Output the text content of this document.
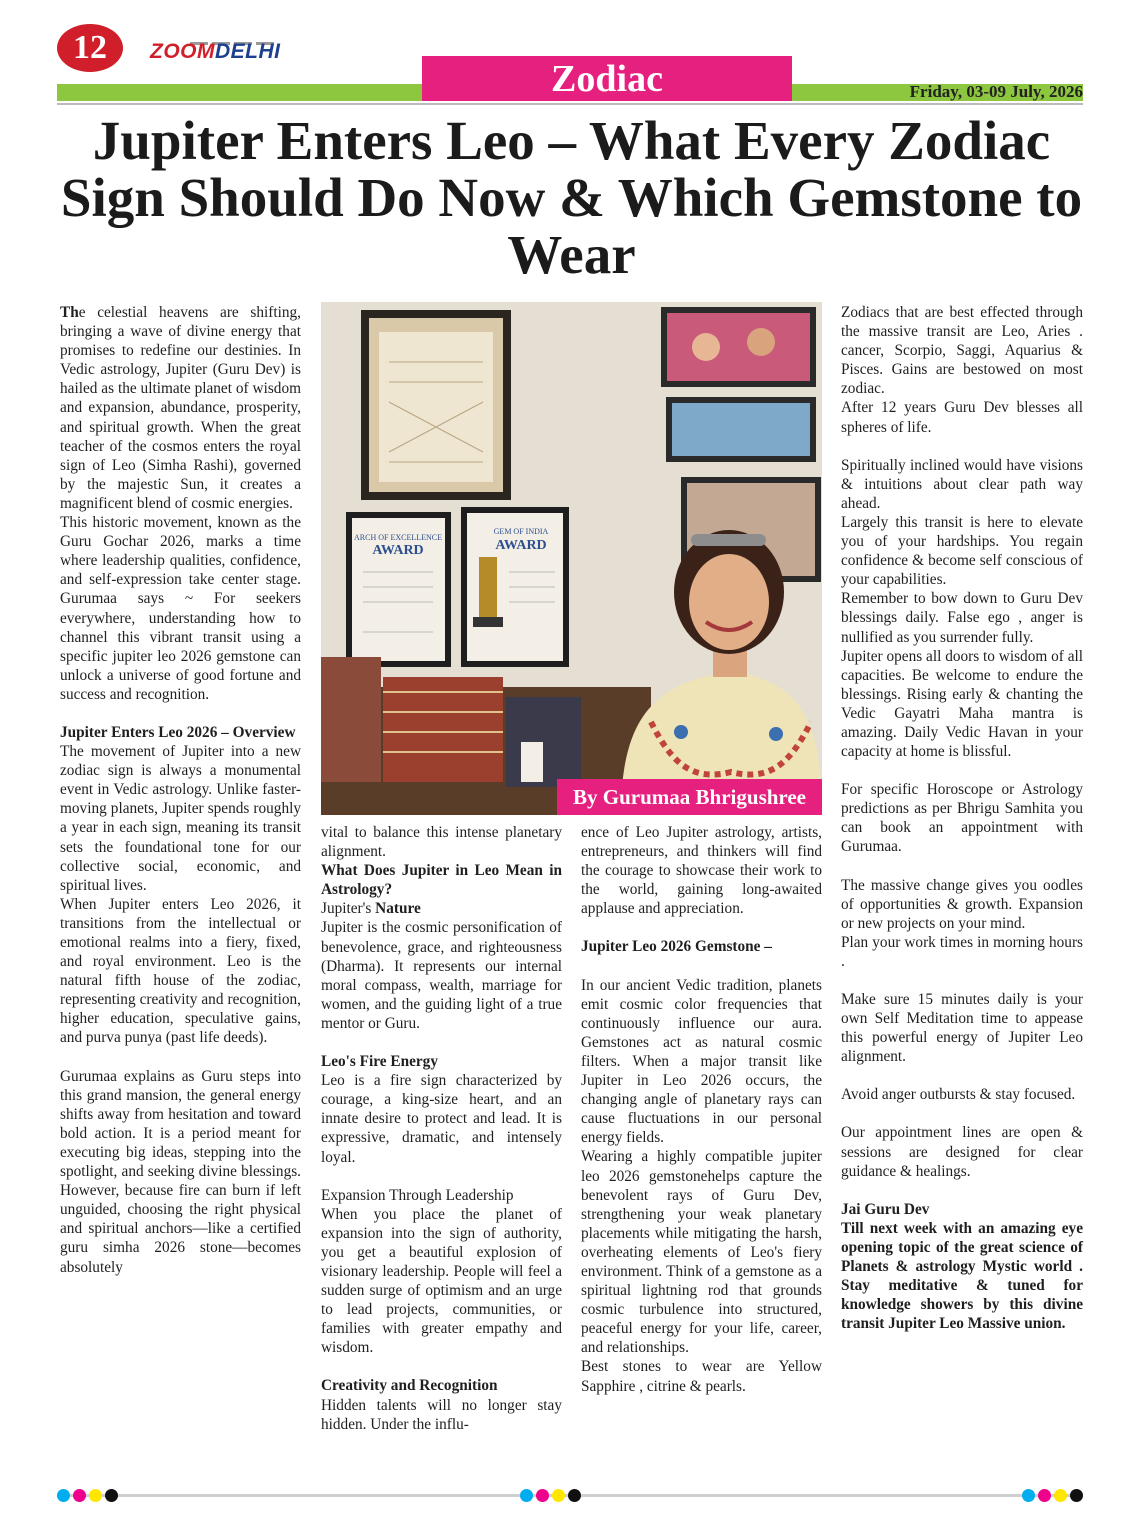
12	ZOOMDELHI
Zodiac	Friday, 03-09 July, 2026
Jupiter Enters Leo – What Every Zodiac Sign Should Do Now & Which Gemstone to Wear

The celestial heavens are shifting, bringing a wave of divine energy that promises to redefine our destinies. In Vedic astrology, Jupiter (Guru Dev) is hailed as the ultimate planet of wisdom and expansion, abundance, prosperity, and spiritual growth. When the great teacher of the cosmos enters the royal sign of Leo (Simha Rashi), governed by the majestic Sun, it creates a magnificent blend of cosmic energies.

This historic movement, known as the Guru Gochar 2026, marks a time where leadership qualities, confidence, and self-expression take center stage. Gurumaa says ~ For seekers everywhere, understanding how to channel this vibrant transit using a specific jupiter leo 2026 gemstone can unlock a universe of good fortune and success and recognition.

Jupiter Enters Leo 2026 – Overview

The movement of Jupiter into a new zodiac sign is always a monumental event in Vedic astrology. Unlike faster-moving planets, Jupiter spends roughly a year in each sign, meaning its transit sets the foundational tone for our collective social, economic, and spiritual lives.

When Jupiter enters Leo 2026, it transitions from the intellectual or emotional realms into a fiery, fixed, and royal environment. Leo is the natural fifth house of the zodiac, representing creativity and recognition, higher education, speculative gains, and purva punya (past life deeds).

Gurumaa explains as Guru steps into this grand mansion, the general energy shifts away from hesitation and toward bold action. It is a period meant for executing big ideas, stepping into the spotlight, and seeking divine blessings. However, because fire can burn if left unguided, choosing the right physical and spiritual anchors—like a certified guru simha 2026 stone—becomes absolutely

ARCH OF EXCELLENCE
AWARD
GEM OF INDIA
AWARD
By Gurumaa Bhrigushree

vital to balance this intense planetary alignment.

What Does Jupiter in Leo Mean in Astrology?

Jupiter's Nature

Jupiter is the cosmic personification of benevolence, grace, and righteousness (Dharma). It represents our internal moral compass, wealth, marriage for women, and the guiding light of a true mentor or Guru.

Leo's Fire Energy

Leo is a fire sign characterized by courage, a king-size heart, and an innate desire to protect and lead. It is expressive, dramatic, and intensely loyal.

Expansion Through Leadership

When you place the planet of expansion into the sign of authority, you get a beautiful explosion of visionary leadership. People will feel a sudden surge of optimism and an urge to lead projects, communities, or families with greater empathy and wisdom.

Creativity and Recognition

Hidden talents will no longer stay hidden. Under the influ-

ence of Leo Jupiter astrology, artists, entrepreneurs, and thinkers will find the courage to showcase their work to the world, gaining long-awaited applause and appreciation.

Jupiter Leo 2026 Gemstone –

In our ancient Vedic tradition, planets emit cosmic color frequencies that continuously influence our aura. Gemstones act as natural cosmic filters. When a major transit like Jupiter in Leo 2026 occurs, the changing angle of planetary rays can cause fluctuations in our personal energy fields.

Wearing a highly compatible jupiter leo 2026 gemstonehelps capture the benevolent rays of Guru Dev, strengthening your weak planetary placements while mitigating the harsh, overheating elements of Leo's fiery environment. Think of a gemstone as a spiritual lightning rod that grounds cosmic turbulence into structured, peaceful energy for your life, career, and relationships.

Best stones to wear are Yellow Sapphire , citrine & pearls.

Zodiacs that are best effected through the massive transit are Leo, Aries . cancer, Scorpio, Saggi, Aquarius & Pisces. Gains are bestowed on most zodiac.

After 12 years Guru Dev blesses all spheres of life.

Spiritually inclined would have visions & intuitions about clear path way ahead.

Largely this transit is here to elevate you of your hardships. You regain confidence & become self conscious of your capabilities.

Remember to bow down to Guru Dev blessings daily. False ego , anger is nullified as you surrender fully.

Jupiter opens all doors to wisdom of all capacities. Be welcome to endure the blessings. Rising early & chanting the Vedic Gayatri Maha mantra is amazing. Daily Vedic Havan in your capacity at home is blissful.

For specific Horoscope or Astrology predictions as per Bhrigu Samhita you can book an appointment with Gurumaa.

The massive change gives you oodles of opportunities & growth. Expansion or new projects on your mind.

Plan your work times in morning hours .

Make sure 15 minutes daily is your own Self Meditation time to appease this powerful energy of Jupiter Leo alignment.

Avoid anger outbursts & stay focused.

Our appointment lines are open & sessions are designed for clear guidance & healings.

Jai Guru Dev

Till next week with an amazing eye opening topic of the great science of Planets & astrology Mystic world . Stay meditative & tuned for knowledge showers by this divine transit Jupiter Leo Massive union.
